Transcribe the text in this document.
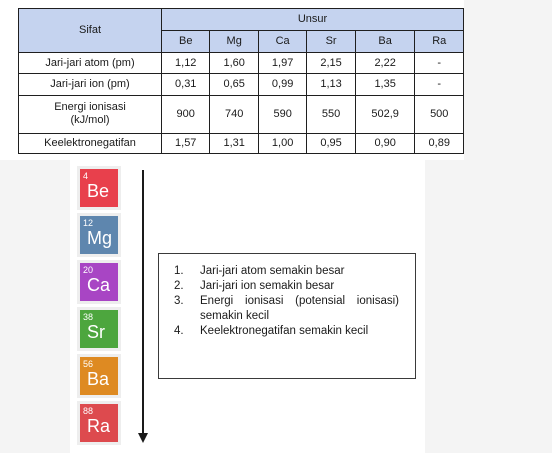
Sifat	Unsur					
	Be	Mg	Ca	Sr	Ba	Ra
Jari-jari atom (pm)	1,12	1,60	1,97	2,15	2,22	-
Jari-jari ion (pm)	0,31	0,65	0,99	1,13	1,35	-
Energi ionisasi
(kJ/mol)	900	740	590	550	502,9	500
Keelektronegatifan	1,57	1,31	1,00	0,95	0,90	0,89
4
Be
12
Mg
20
Ca
38
Sr
56
Ba
88
Ra
1. Jari-jari atom semakin besar
2. Jari-jari ion semakin besar
3. Energi ionisasi (potensial ionisasi) semakin kecil
4. Keelektronegatifan semakin kecil
